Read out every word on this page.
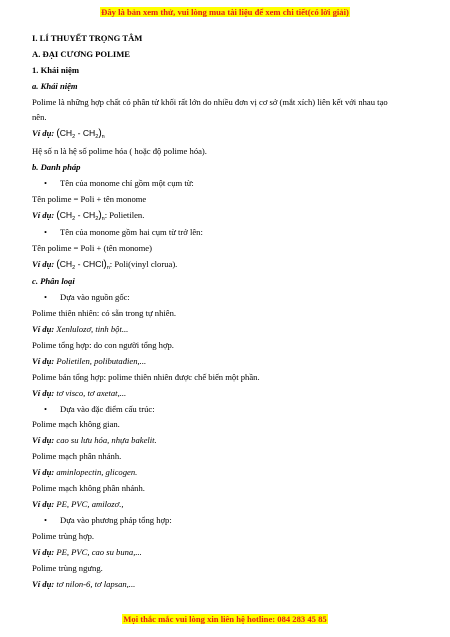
Đây là bản xem thử, vui lòng mua tài liệu để xem chi tiết(có lời giải)
I. LÍ THUYẾT TRỌNG TÂM
A. ĐẠI CƯƠNG POLIME
1. Khái niệm
a. Khái niệm
Polime là những hợp chất có phân tử khối rất lớn do nhiều đơn vị cơ sở (mắt xích) liên kết với nhau tạo
nên.
Ví dụ: $(CH_2 - CH_2)_n$
Hệ số n là hệ số polime hóa ( hoặc độ polime hóa).
b. Danh pháp
• Tên của monome chỉ gồm một cụm từ:
Tên polime = Poli + tên monome
Ví dụ: $(CH_2 - CH_2)_n$: Polietilen.
• Tên của monome gồm hai cụm từ trở lên:
Tên polime = Poli + (tên monome)
Ví dụ: ($CH_2$ - $CHCl)_n$: Poli(vinyl clorua).
c. Phân loại
• Dựa vào nguồn gốc:
Polime thiên nhiên: có sẵn trong tự nhiên.
Ví dụ: Xenlulozơ, tinh bột...
Polime tổng hợp: do con người tổng hợp.
Ví dụ: Polietilen, polibutađien,...
Polime bán tổng hợp: polime thiên nhiên được chế biến một phần.
Ví dụ: tơ visco, tơ axetat,...
• Dựa vào đặc điểm cấu trúc:
Polime mạch không gian.
Ví dụ: cao su lưu hóa, nhựa bakelit.
Polime mạch phân nhánh.
Ví dụ: aminlopectin, glicogen.
Polime mạch không phân nhánh.
Ví dụ: PE, PVC, amilozơ.,
• Dựa vào phương pháp tổng hợp:
Polime trùng hợp.
Ví dụ: PE, PVC, cao su buna,...
Polime trùng ngưng.
Ví dụ: tơ nilon-6, tơ lapsan,...
Mọi thắc mắc vui lòng xin liên hệ hotline: 084 283 45 85
